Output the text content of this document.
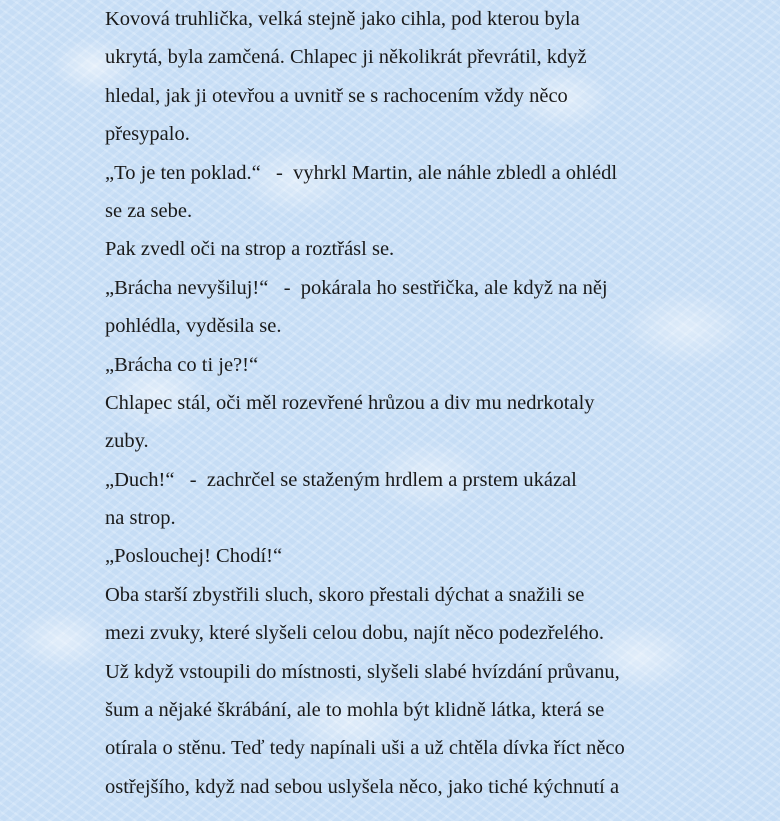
Kovová truhlička, velká stejně jako cihla, pod kterou byla

ukrytá, byla zamčená. Chlapec ji několikrát převrátil, když

hledal, jak ji otevřou a uvnitř se s rachocením vždy něco

přesypalo.

„To je ten poklad.“   -  vyhrkl Martin, ale náhle zbledl a ohlédl

se za sebe.

Pak zvedl oči na strop a roztřásl se.

„Brácha nevyšiluj!“   -  pokárala ho sestřička, ale když na něj

pohlédla, vyděsila se.

„Brácha co ti je?!“

Chlapec stál, oči měl rozevřené hrůzou a div mu nedrkotaly

zuby.

„Duch!“   -  zachrčel se staženým hrdlem a prstem ukázal

na strop.

„Poslouchej! Chodí!“

Oba starší zbystřili sluch, skoro přestali dýchat a snažili se

mezi zvuky, které slyšeli celou dobu, najít něco podezřelého.

Už když vstoupili do místnosti, slyšeli slabé hvízdání průvanu,

šum a nějaké škrábání, ale to mohla být klidně látka, která se

otírala o stěnu. Teď tedy napínali uši a už chtěla dívka říct něco

ostřejšího, když nad sebou uslyšela něco, jako tiché kýchnutí a
